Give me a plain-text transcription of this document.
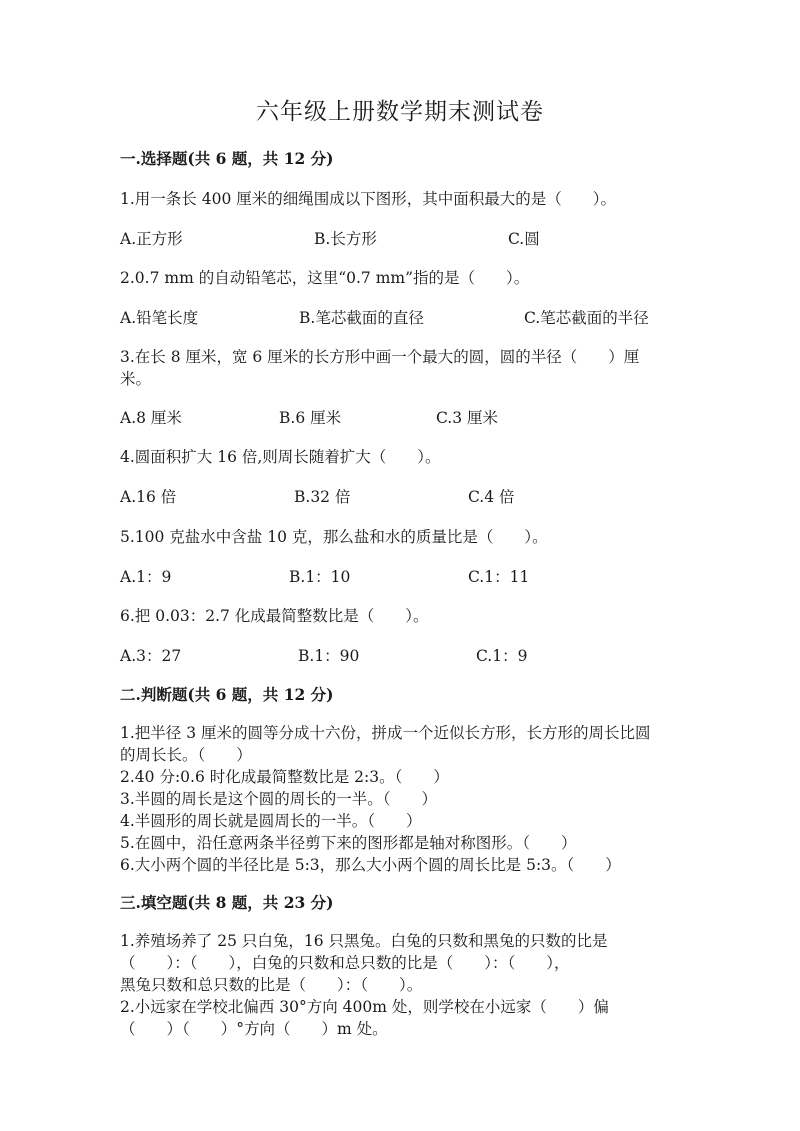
六年级上册数学期末测试卷
一.选择题(共 6 题，共 12 分)
1.用一条长 400 厘米的细绳围成以下图形，其中面积最大的是（　　）。
A.正方形	B.长方形	C.圆
2.0.7 mm 的自动铅笔芯，这里“0.7 mm”指的是（　　）。
A.铅笔长度	B.笔芯截面的直径	C.笔芯截面的半径
3.在长 8 厘米，宽 6 厘米的长方形中画一个最大的圆，圆的半径（　　）厘
米。
A.8 厘米	B.6 厘米	C.3 厘米
4.圆面积扩大 16 倍,则周长随着扩大（　　）。
A.16 倍	B.32 倍	C.4 倍
5.100 克盐水中含盐 10 克，那么盐和水的质量比是（　　）。
A.1：9	B.1：10	C.1：11
6.把 0.03：2.7 化成最简整数比是（　　）。
A.3：27	B.1：90	C.1：9
二.判断题(共 6 题，共 12 分)
1.把半径 3 厘米的圆等分成十六份，拼成一个近似长方形，长方形的周长比圆
的周长长。（　　）
2.40 分:0.6 时化成最简整数比是 2:3。（　　）
3.半圆的周长是这个圆的周长的一半。（　　）
4.半圆形的周长就是圆周长的一半。（　　）
5.在圆中，沿任意两条半径剪下来的图形都是轴对称图形。（　　）
6.大小两个圆的半径比是 5:3，那么大小两个圆的周长比是 5:3。（　　）
三.填空题(共 8 题，共 23 分)
1.养殖场养了 25 只白兔，16 只黑兔。白兔的只数和黑兔的只数的比是
（　　）：（　　），白兔的只数和总只数的比是（　　）：（　　），
黑兔只数和总只数的比是（　　）：（　　）。
2.小远家在学校北偏西 30°方向 400m 处，则学校在小远家（　　）偏
（　　）（　　）°方向（　　）m 处。
